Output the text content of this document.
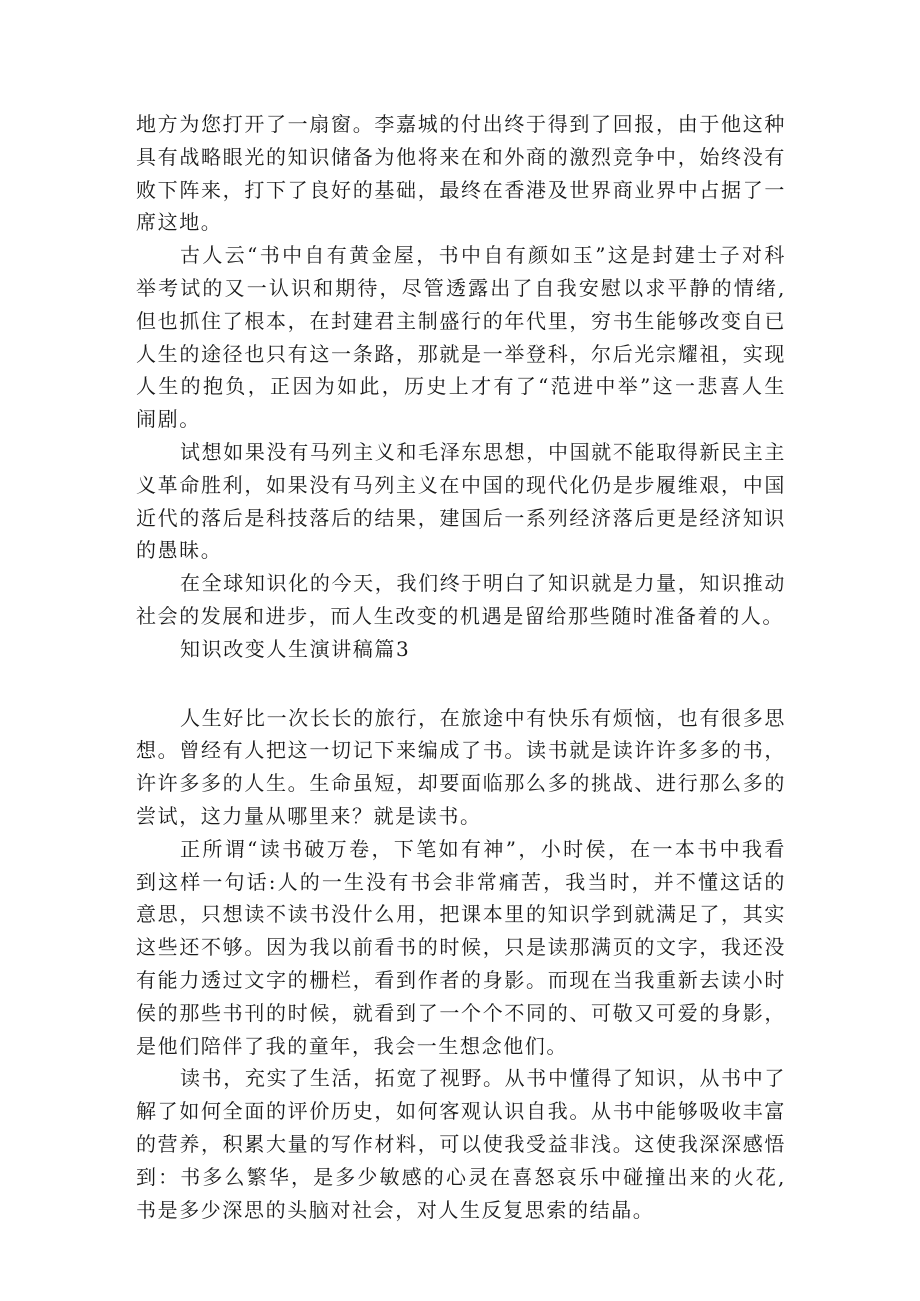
地方为您打开了一扇窗。李嘉城的付出终于得到了回报，由于他这种具有战略眼光的知识储备为他将来在和外商的激烈竞争中，始终没有败下阵来，打下了良好的基础，最终在香港及世界商业界中占据了一席这地。

古人云“书中自有黄金屋，书中自有颜如玉”这是封建士子对科举考试的又一认识和期待，尽管透露出了自我安慰以求平静的情绪,但也抓住了根本，在封建君主制盛行的年代里，穷书生能够改变自已人生的途径也只有这一条路，那就是一举登科，尔后光宗耀祖，实现人生的抱负，正因为如此，历史上才有了“范进中举”这一悲喜人生闹剧。

试想如果没有马列主义和毛泽东思想，中国就不能取得新民主主义革命胜利，如果没有马列主义在中国的现代化仍是步履维艰，中国近代的落后是科技落后的结果，建国后一系列经济落后更是经济知识的愚昧。

在全球知识化的今天，我们终于明白了知识就是力量，知识推动社会的发展和进步，而人生改变的机遇是留给那些随时准备着的人。

知识改变人生演讲稿篇3

人生好比一次长长的旅行，在旅途中有快乐有烦恼，也有很多思想。曾经有人把这一切记下来编成了书。读书就是读许许多多的书，许许多多的人生。生命虽短，却要面临那么多的挑战、进行那么多的尝试，这力量从哪里来？就是读书。

正所谓“读书破万卷，下笔如有神”，小时侯，在一本书中我看到这样一句话:人的一生没有书会非常痛苦，我当时，并不懂这话的意思，只想读不读书没什么用，把课本里的知识学到就满足了，其实这些还不够。因为我以前看书的时候，只是读那满页的文字，我还没有能力透过文字的栅栏，看到作者的身影。而现在当我重新去读小时侯的那些书刊的时候，就看到了一个个不同的、可敬又可爱的身影，是他们陪伴了我的童年，我会一生想念他们。

读书，充实了生活，拓宽了视野。从书中懂得了知识，从书中了解了如何全面的评价历史，如何客观认识自我。从书中能够吸收丰富的营养，积累大量的写作材料，可以使我受益非浅。这使我深深感悟到：书多么繁华，是多少敏感的心灵在喜怒哀乐中碰撞出来的火花,书是多少深思的头脑对社会，对人生反复思索的结晶。
